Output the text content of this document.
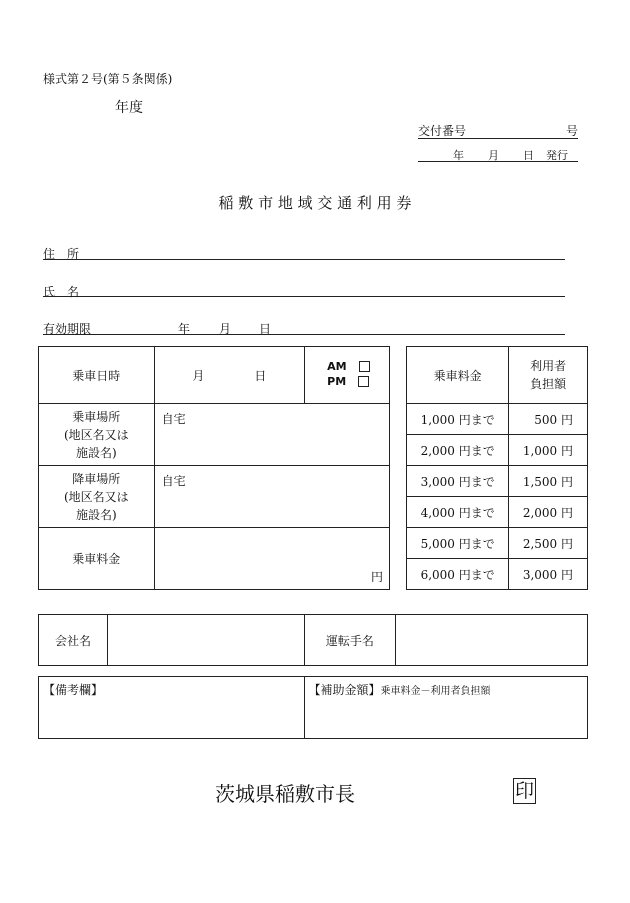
様式第２号(第５条関係)
年度
交付番号	号
年 月 日 発行
稲 敷 市 地 域 交 通 利 用 券
住　所
氏　名
有効期限	年 月 日
乗車日時	月 日	AM
PM

乗車場所
(地区名又は
施設名)	自宅	

降車場所
(地区名又は
施設名)	自宅	
乗車料金	円	
乗車料金	利用者
負担額

1,000 円まで	500 円
2,000 円まで	1,000 円
3,000 円まで	1,500 円
4,000 円まで	2,000 円
5,000 円まで	2,500 円
6,000 円まで	3,000 円
会社名		運転手名	
【備考欄】	【補助金額】乗車料金－利用者負担額
茨城県稲敷市長	印
